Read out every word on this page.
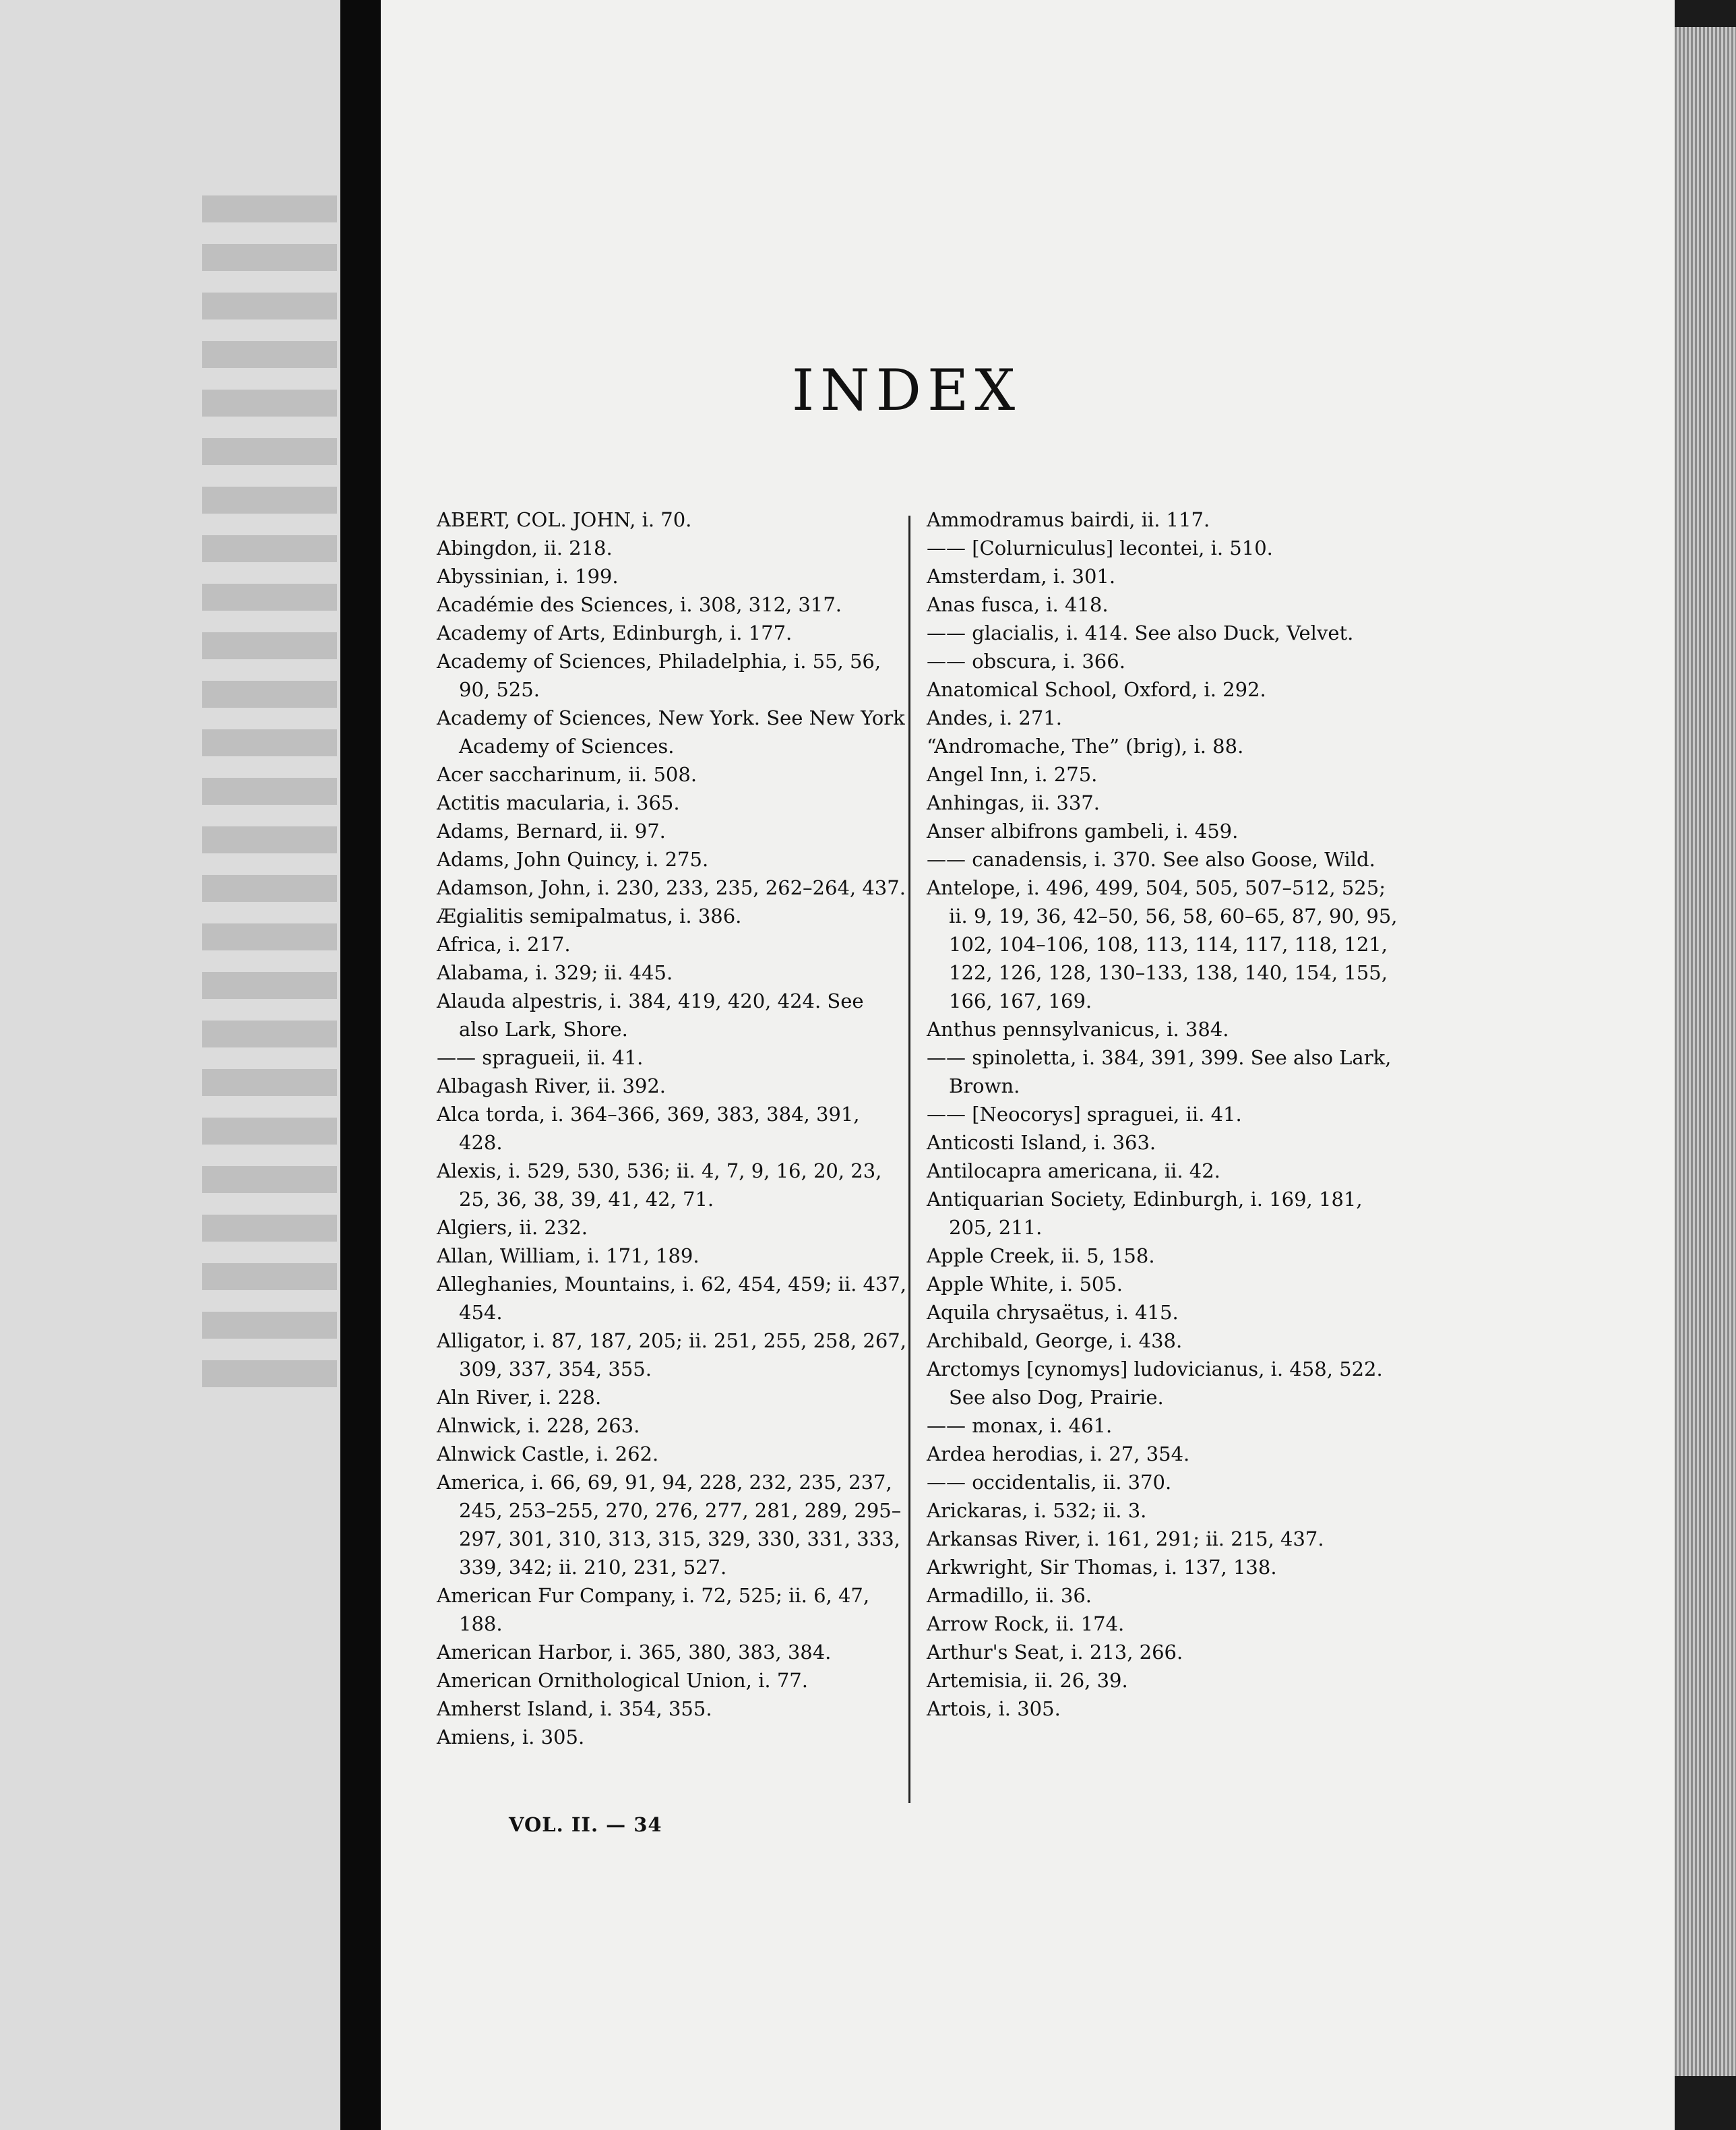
INDEX
ABERT, COL. JOHN, i. 70.
Abingdon, ii. 218.
Abyssinian, i. 199.
Académie des Sciences, i. 308, 312, 317.
Academy of Arts, Edinburgh, i. 177.
Academy of Sciences, Philadelphia, i. 55, 56, 90, 525.
Academy of Sciences, New York. See New York Academy of Sciences.
Acer saccharinum, ii. 508.
Actitis macularia, i. 365.
Adams, Bernard, ii. 97.
Adams, John Quincy, i. 275.
Adamson, John, i. 230, 233, 235, 262–264, 437.
Ægialitis semipalmatus, i. 386.
Africa, i. 217.
Alabama, i. 329; ii. 445.
Alauda alpestris, i. 384, 419, 420, 424. See also Lark, Shore.
—— spragueii, ii. 41.
Albagash River, ii. 392.
Alca torda, i. 364–366, 369, 383, 384, 391, 428.
Alexis, i. 529, 530, 536; ii. 4, 7, 9, 16, 20, 23, 25, 36, 38, 39, 41, 42, 71.
Algiers, ii. 232.
Allan, William, i. 171, 189.
Alleghanies, Mountains, i. 62, 454, 459; ii. 437, 454.
Alligator, i. 87, 187, 205; ii. 251, 255, 258, 267, 309, 337, 354, 355.
Aln River, i. 228.
Alnwick, i. 228, 263.
Alnwick Castle, i. 262.
America, i. 66, 69, 91, 94, 228, 232, 235, 237, 245, 253–255, 270, 276, 277, 281, 289, 295–297, 301, 310, 313, 315, 329, 330, 331, 333, 339, 342; ii. 210, 231, 527.
American Fur Company, i. 72, 525; ii. 6, 47, 188.
American Harbor, i. 365, 380, 383, 384.
American Ornithological Union, i. 77.
Amherst Island, i. 354, 355.
Amiens, i. 305.
Ammodramus bairdi, ii. 117.
—— [Colurniculus] lecontei, i. 510.
Amsterdam, i. 301.
Anas fusca, i. 418.
—— glacialis, i. 414. See also Duck, Velvet.
—— obscura, i. 366.
Anatomical School, Oxford, i. 292.
Andes, i. 271.
“Andromache, The” (brig), i. 88.
Angel Inn, i. 275.
Anhingas, ii. 337.
Anser albifrons gambeli, i. 459.
—— canadensis, i. 370. See also Goose, Wild.
Antelope, i. 496, 499, 504, 505, 507–512, 525; ii. 9, 19, 36, 42–50, 56, 58, 60–65, 87, 90, 95, 102, 104–106, 108, 113, 114, 117, 118, 121, 122, 126, 128, 130–133, 138, 140, 154, 155, 166, 167, 169.
Anthus pennsylvanicus, i. 384.
—— spinoletta, i. 384, 391, 399. See also Lark, Brown.
—— [Neocorys] spraguei, ii. 41.
Anticosti Island, i. 363.
Antilocapra americana, ii. 42.
Antiquarian Society, Edinburgh, i. 169, 181, 205, 211.
Apple Creek, ii. 5, 158.
Apple White, i. 505.
Aquila chrysaëtus, i. 415.
Archibald, George, i. 438.
Arctomys [cynomys] ludovicianus, i. 458, 522. See also Dog, Prairie.
—— monax, i. 461.
Ardea herodias, i. 27, 354.
—— occidentalis, ii. 370.
Arickaras, i. 532; ii. 3.
Arkansas River, i. 161, 291; ii. 215, 437.
Arkwright, Sir Thomas, i. 137, 138.
Armadillo, ii. 36.
Arrow Rock, ii. 174.
Arthur's Seat, i. 213, 266.
Artemisia, ii. 26, 39.
Artois, i. 305.

VOL. II. — 34
